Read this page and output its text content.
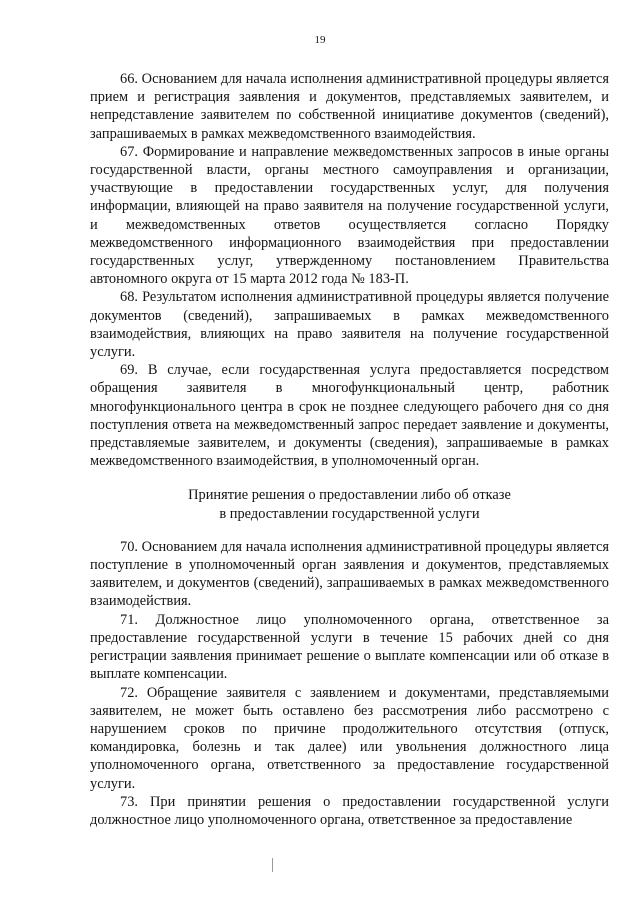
19

66. Основанием для начала исполнения административной процедуры является прием и регистрация заявления и документов, представляемых заявителем, и непредставление заявителем по собственной инициативе документов (сведений), запрашиваемых в рамках межведомственного взаимодействия.

67. Формирование и направление межведомственных запросов в иные органы государственной власти, органы местного самоуправления и организации, участвующие в предоставлении государственных услуг, для получения информации, влияющей на право заявителя на получение государственной услуги, и межведомственных ответов осуществляется согласно Порядку межведомственного информационного взаимодействия при предоставлении государственных услуг, утвержденному постановлением Правительства автономного округа от 15 марта 2012 года № 183-П.

68. Результатом исполнения административной процедуры является получение документов (сведений), запрашиваемых в рамках межведомственного взаимодействия, влияющих на право заявителя на получение государственной услуги.

69. В случае, если государственная услуга предоставляется посредством обращения заявителя в многофункциональный центр, работник многофункционального центра в срок не позднее следующего рабочего дня со дня поступления ответа на межведомственный запрос передает заявление и документы, представляемые заявителем, и документы (сведения), запрашиваемые в рамках межведомственного взаимодействия, в уполномоченный орган.

Принятие решения о предоставлении либо об отказе
в предоставлении государственной услуги

70. Основанием для начала исполнения административной процедуры является поступление в уполномоченный орган заявления и документов, представляемых заявителем, и документов (сведений), запрашиваемых в рамках межведомственного взаимодействия.

71. Должностное лицо уполномоченного органа, ответственное за предоставление государственной услуги в течение 15 рабочих дней со дня регистрации заявления принимает решение о выплате компенсации или об отказе в выплате компенсации.

72. Обращение заявителя с заявлением и документами, представляемыми заявителем, не может быть оставлено без рассмотрения либо рассмотрено с нарушением сроков по причине продолжительного отсутствия (отпуск, командировка, болезнь и так далее) или увольнения должностного лица уполномоченного органа, ответственного за предоставление государственной услуги.

73. При принятии решения о предоставлении государственной услуги должностное лицо уполномоченного органа, ответственное за предоставление
